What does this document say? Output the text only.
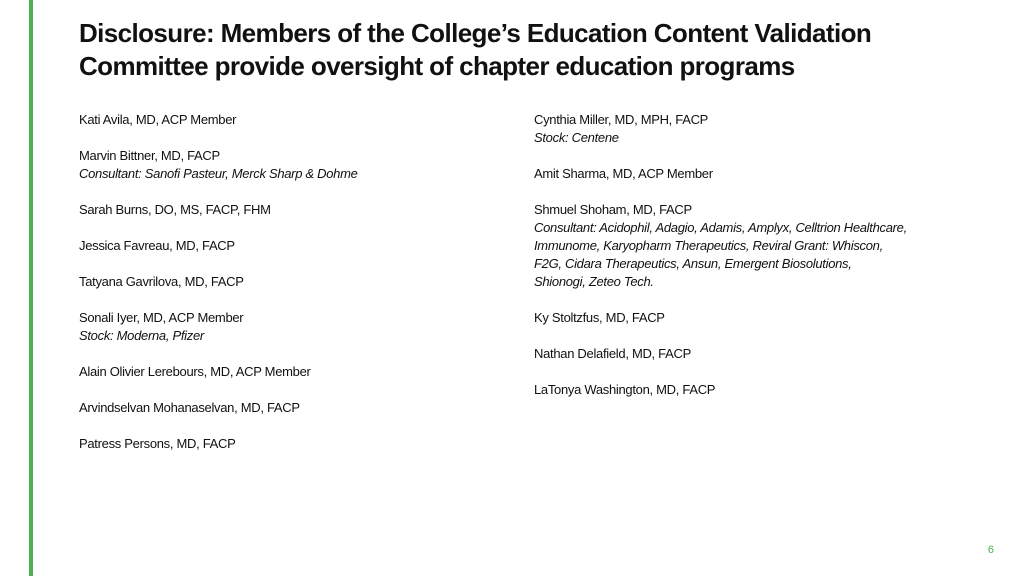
Disclosure: Members of the College’s Education Content Validation
Committee provide oversight of chapter education programs
Kati Avila, MD, ACP Member
Marvin Bittner, MD, FACP
Consultant: Sanofi Pasteur, Merck Sharp & Dohme
Sarah Burns, DO, MS, FACP, FHM
Jessica Favreau, MD, FACP
Tatyana Gavrilova, MD, FACP
Sonali Iyer, MD, ACP Member
Stock: Moderna, Pfizer
Alain Olivier Lerebours, MD, ACP Member
Arvindselvan Mohanaselvan, MD, FACP
Patress Persons, MD, FACP
Cynthia Miller, MD, MPH, FACP
Stock: Centene
Amit Sharma, MD, ACP Member
Shmuel Shoham, MD, FACP
Consultant: Acidophil, Adagio, Adamis, Amplyx, Celltrion Healthcare,
Immunome, Karyopharm Therapeutics, Reviral Grant: Whiscon,
F2G, Cidara Therapeutics, Ansun, Emergent Biosolutions,
Shionogi, Zeteo Tech.
Ky Stoltzfus, MD, FACP
Nathan Delafield, MD, FACP
LaTonya Washington, MD, FACP
6
